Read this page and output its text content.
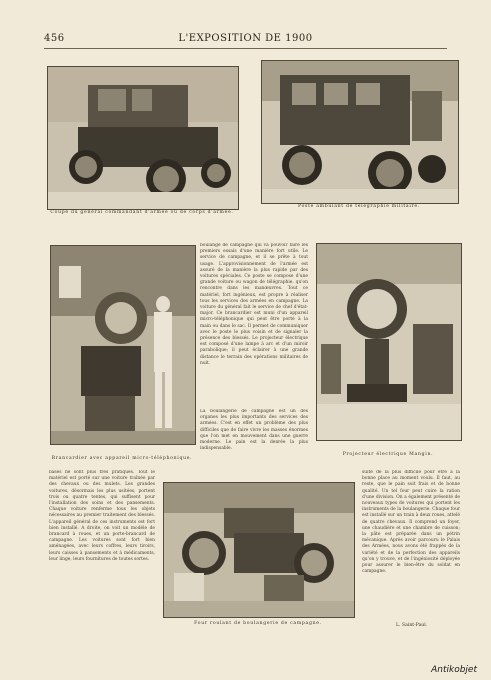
456	L'EXPOSITION DE 1900
Coupé du général commandant d'armée ou de corps d'armée.
Poste ambulant de télégraphie militaire.
Brancardier avec appareil micro-téléphonique.

boulange de campagne qui va pouvoir faire les premiers essais d'une manière fort utile. Le service de campagne, et il se prête à tout usage. L'approvisionnement de l'armée est assuré de la manière la plus rapide par des voitures spéciales. Ce poste se compose d'une grande voiture ou wagon de télégraphie, qu'on rencontre dans les manœuvres. Tout ce matériel, fort ingénieux, est propre à réaliser tous les services des armées en campagne. La voiture du général fait le service de chef d'état-major. Ce brancardier est muni d'un appareil micro-téléphonique qui peut être porté à la main ou dans le sac. Il permet de communiquer avec le poste le plus voisin et de signaler la présence des blessés. Le projecteur électrique est composé d'une lampe à arc et d'un miroir parabolique; il peut éclairer à une grande distance le terrain des opérations militaires de nuit.

La boulangerie de campagne est un des organes les plus importants des services des armées. C'est en effet un problème des plus difficiles que de faire vivre les masses énormes que l'on met en mouvement dans une guerre moderne. Le pain est la denrée la plus indispensable.

Projecteur électrique Mangin.

bases ne sont plus très pratiques. Tout le matériel est porté sur une voiture traînée par des chevaux ou des mulets. Les grandes voitures, désormais les plus usitées, portent trois ou quatre tentes, qui suffisent pour l'installation des soins et des pansements. Chaque voiture renferme tous les objets nécessaires au premier traitement des blessés. L'appareil général de ces instruments est fort bien installé. A droite, on voit un modèle de brancard à roues, et un porte-brancard de campagne. Les voitures sont fort bien aménagées, avec leurs coffres, leurs tiroirs, leurs caisses à pansements et à médicaments, leur linge, leurs fournitures de toutes sortes.

Four roulant de boulangerie de campagne.

suite de la plus difficile pour être à la bonne place au moment voulu. Il faut, au reste, que le pain soit frais et de bonne qualité. Un tel four peut cuire la ration d'une division. On a également présenté de nouveaux types de voitures qui portent les instruments de la boulangerie. Chaque four est installé sur un train à deux roues, attelé de quatre chevaux. Il comprend un foyer, une chaudière et une chambre de cuisson; la pâte est préparée dans un pétrin mécanique. Après avoir parcouru le Palais des Armées, nous avons été frappés de la variété et de la perfection des appareils qu'on y trouve, et de l'ingéniosité déployée pour assurer le bien-être du soldat en campagne.

L. Saint-Paul.
Antikobjet
